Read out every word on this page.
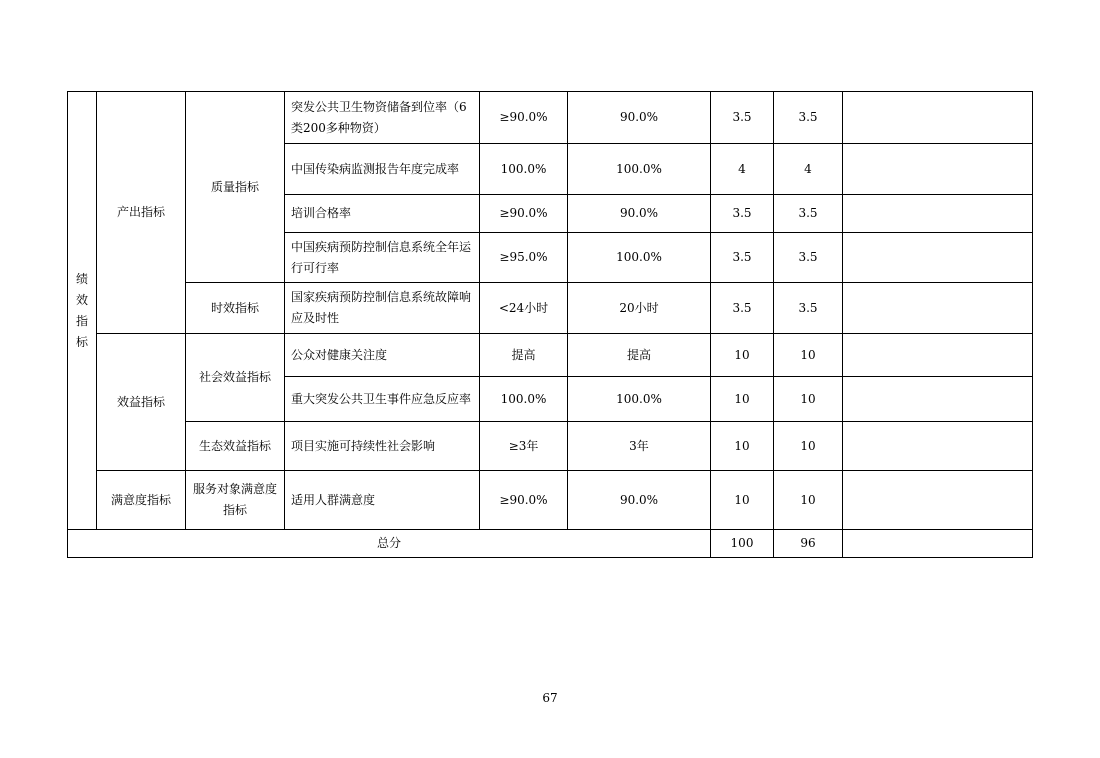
绩效指标	产出指标	质量指标	突发公共卫生物资储备到位率（6类200多种物资）	≥90.0%	90.0%	3.5	3.5	
			中国传染病监测报告年度完成率	100.0%	100.0%	4	4	
			培训合格率	≥90.0%	90.0%	3.5	3.5	
			中国疾病预防控制信息系统全年运行可行率	≥95.0%	100.0%	3.5	3.5	
		时效指标	国家疾病预防控制信息系统故障响应及时性	<24小时	20小时	3.5	3.5	
	效益指标	社会效益指标	公众对健康关注度	提高	提高	10	10	
			重大突发公共卫生事件应急反应率	100.0%	100.0%	10	10	
		生态效益指标	项目实施可持续性社会影响	≥3年	3年	10	10	
	满意度指标	服务对象满意度指标	适用人群满意度	≥90.0%	90.0%	10	10	
总分						100	96	
67
